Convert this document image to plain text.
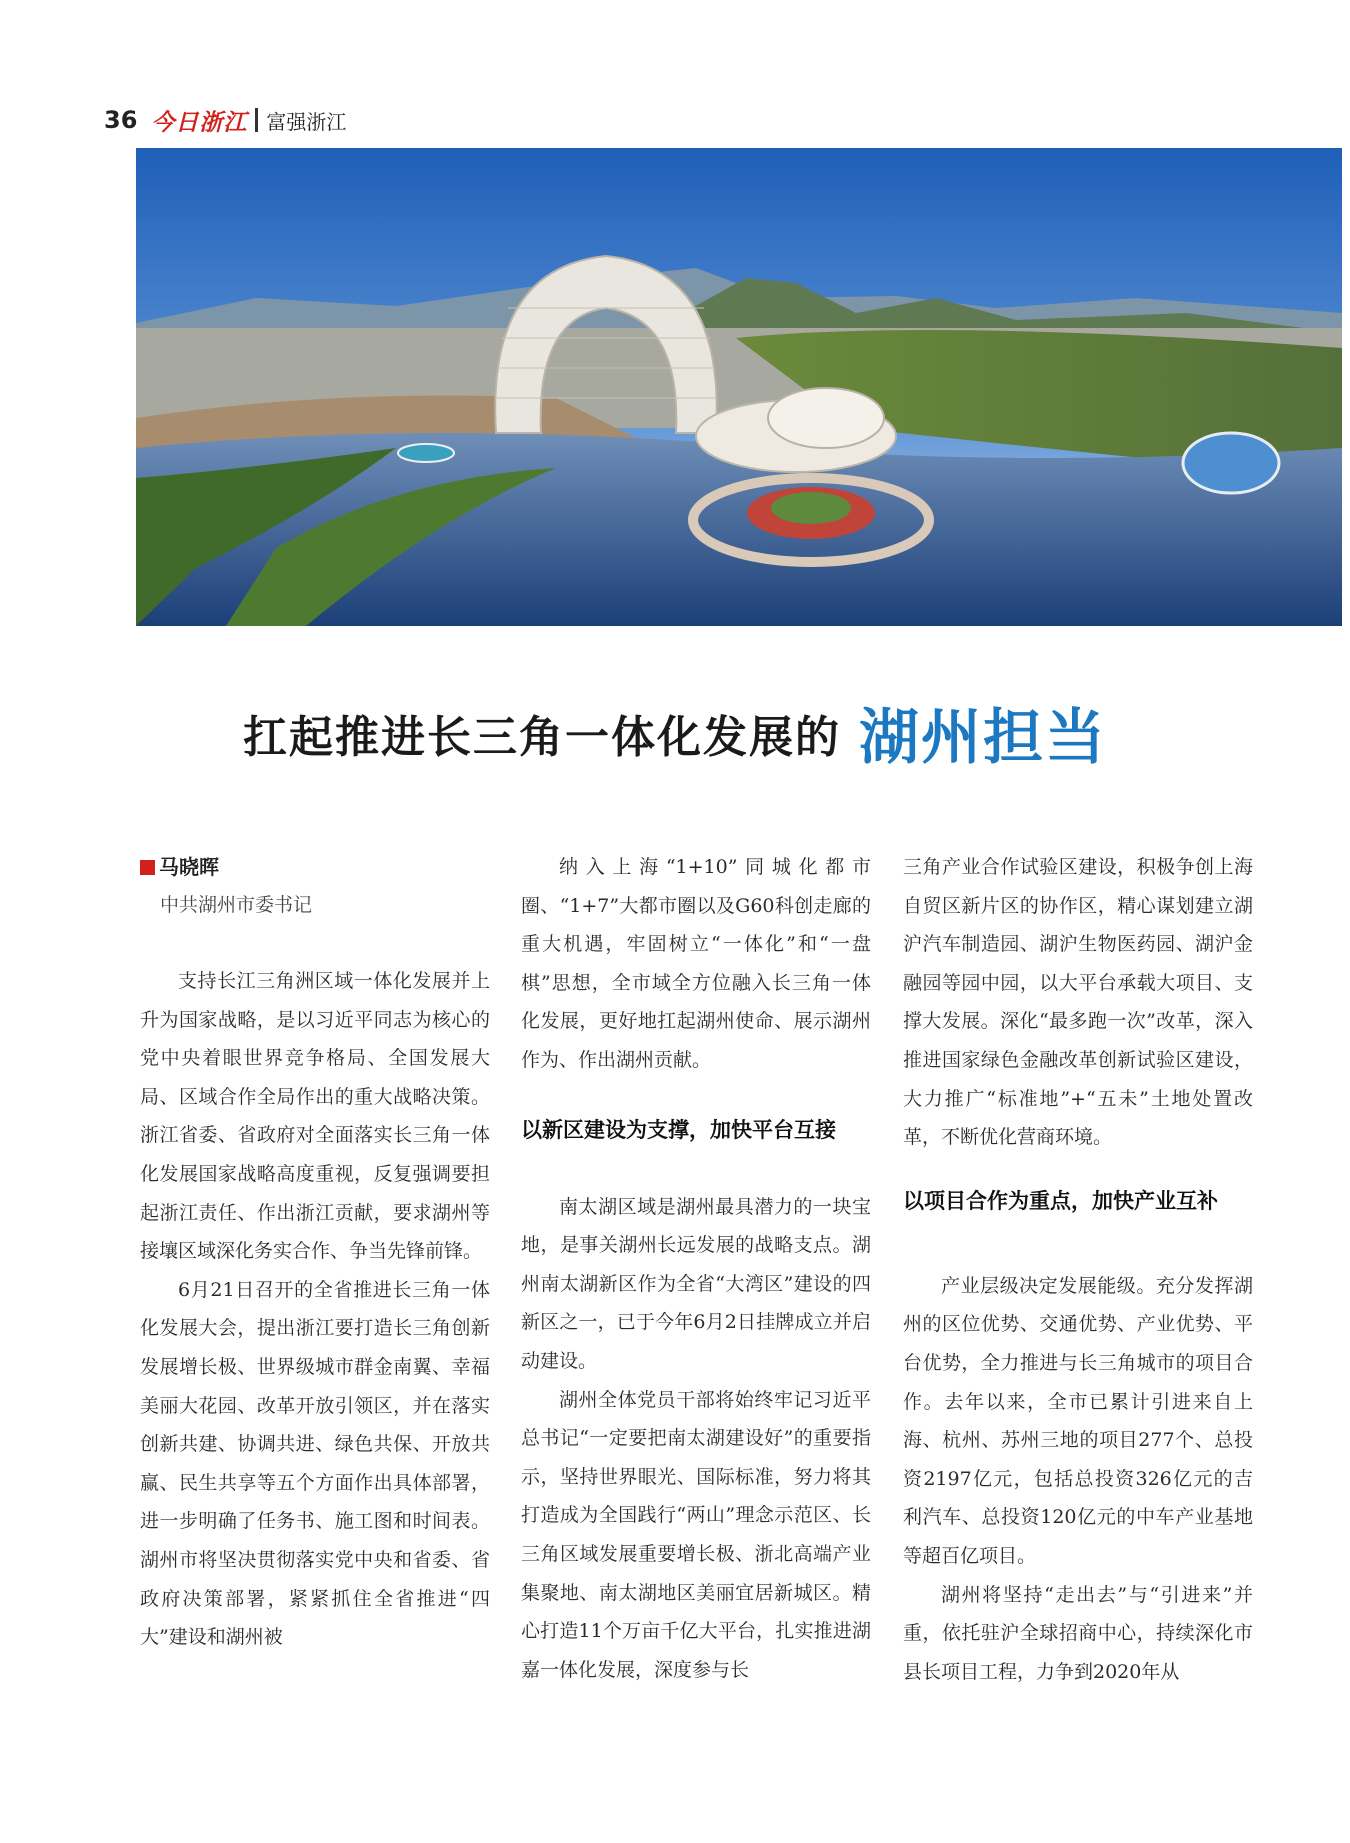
36 今日浙江 富强浙江
扛起推进长三角一体化发展的 湖州担当
马晓晖
中共湖州市委书记

支持长江三角洲区域一体化发展并上升为国家战略，是以习近平同志为核心的党中央着眼世界竞争格局、全国发展大局、区域合作全局作出的重大战略决策。浙江省委、省政府对全面落实长三角一体化发展国家战略高度重视，反复强调要担起浙江责任、作出浙江贡献，要求湖州等接壤区域深化务实合作、争当先锋前锋。

6月21日召开的全省推进长三角一体化发展大会，提出浙江要打造长三角创新发展增长极、世界级城市群金南翼、幸福美丽大花园、改革开放引领区，并在落实创新共建、协调共进、绿色共保、开放共赢、民生共享等五个方面作出具体部署，进一步明确了任务书、施工图和时间表。湖州市将坚决贯彻落实党中央和省委、省政府决策部署，紧紧抓住全省推进“四大”建设和湖州被

纳入上海“1+10”同城化都市圈、“1+7”大都市圈以及G60科创走廊的重大机遇，牢固树立“一体化”和“一盘棋”思想，全市域全方位融入长三角一体化发展，更好地扛起湖州使命、展示湖州作为、作出湖州贡献。

以新区建设为支撑，加快平台互接

南太湖区域是湖州最具潜力的一块宝地，是事关湖州长远发展的战略支点。湖州南太湖新区作为全省“大湾区”建设的四新区之一，已于今年6月2日挂牌成立并启动建设。

湖州全体党员干部将始终牢记习近平总书记“一定要把南太湖建设好”的重要指示，坚持世界眼光、国际标准，努力将其打造成为全国践行“两山”理念示范区、长三角区域发展重要增长极、浙北高端产业集聚地、南太湖地区美丽宜居新城区。精心打造11个万亩千亿大平台，扎实推进湖嘉一体化发展，深度参与长

三角产业合作试验区建设，积极争创上海自贸区新片区的协作区，精心谋划建立湖沪汽车制造园、湖沪生物医药园、湖沪金融园等园中园，以大平台承载大项目、支撑大发展。深化“最多跑一次”改革，深入推进国家绿色金融改革创新试验区建设，大力推广“标准地”+“五未”土地处置改革，不断优化营商环境。

以项目合作为重点，加快产业互补

产业层级决定发展能级。充分发挥湖州的区位优势、交通优势、产业优势、平台优势，全力推进与长三角城市的项目合作。去年以来，全市已累计引进来自上海、杭州、苏州三地的项目277个、总投资2197亿元，包括总投资326亿元的吉利汽车、总投资120亿元的中车产业基地等超百亿项目。

湖州将坚持“走出去”与“引进来”并重，依托驻沪全球招商中心，持续深化市县长项目工程，力争到2020年从
